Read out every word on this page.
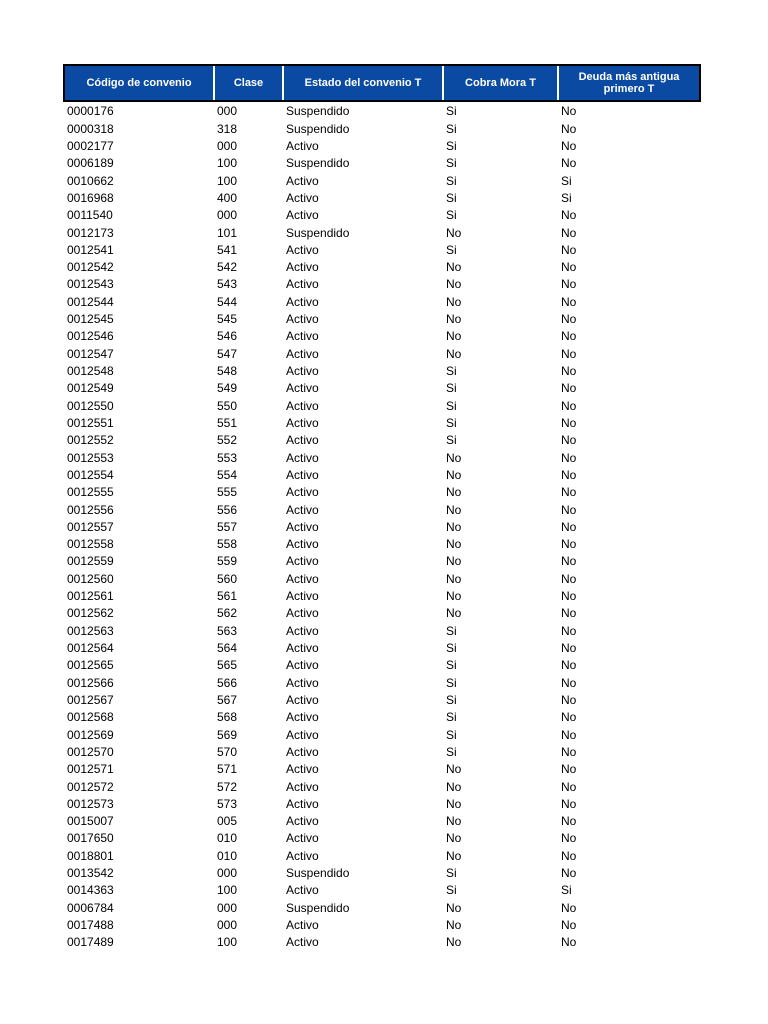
Código de convenio	Clase	Estado del convenio T	Cobra Mora T	Deuda más antigua primero T
0000176	000	Suspendido	Si	No
0000318	318	Suspendido	Si	No
0002177	000	Activo	Si	No
0006189	100	Suspendido	Si	No
0010662	100	Activo	Si	Si
0016968	400	Activo	Si	Si
0011540	000	Activo	Si	No
0012173	101	Suspendido	No	No
0012541	541	Activo	Si	No
0012542	542	Activo	No	No
0012543	543	Activo	No	No
0012544	544	Activo	No	No
0012545	545	Activo	No	No
0012546	546	Activo	No	No
0012547	547	Activo	No	No
0012548	548	Activo	Si	No
0012549	549	Activo	Si	No
0012550	550	Activo	Si	No
0012551	551	Activo	Si	No
0012552	552	Activo	Si	No
0012553	553	Activo	No	No
0012554	554	Activo	No	No
0012555	555	Activo	No	No
0012556	556	Activo	No	No
0012557	557	Activo	No	No
0012558	558	Activo	No	No
0012559	559	Activo	No	No
0012560	560	Activo	No	No
0012561	561	Activo	No	No
0012562	562	Activo	No	No
0012563	563	Activo	Si	No
0012564	564	Activo	Si	No
0012565	565	Activo	Si	No
0012566	566	Activo	Si	No
0012567	567	Activo	Si	No
0012568	568	Activo	Si	No
0012569	569	Activo	Si	No
0012570	570	Activo	Si	No
0012571	571	Activo	No	No
0012572	572	Activo	No	No
0012573	573	Activo	No	No
0015007	005	Activo	No	No
0017650	010	Activo	No	No
0018801	010	Activo	No	No
0013542	000	Suspendido	Si	No
0014363	100	Activo	Si	Si
0006784	000	Suspendido	No	No
0017488	000	Activo	No	No
0017489	100	Activo	No	No
